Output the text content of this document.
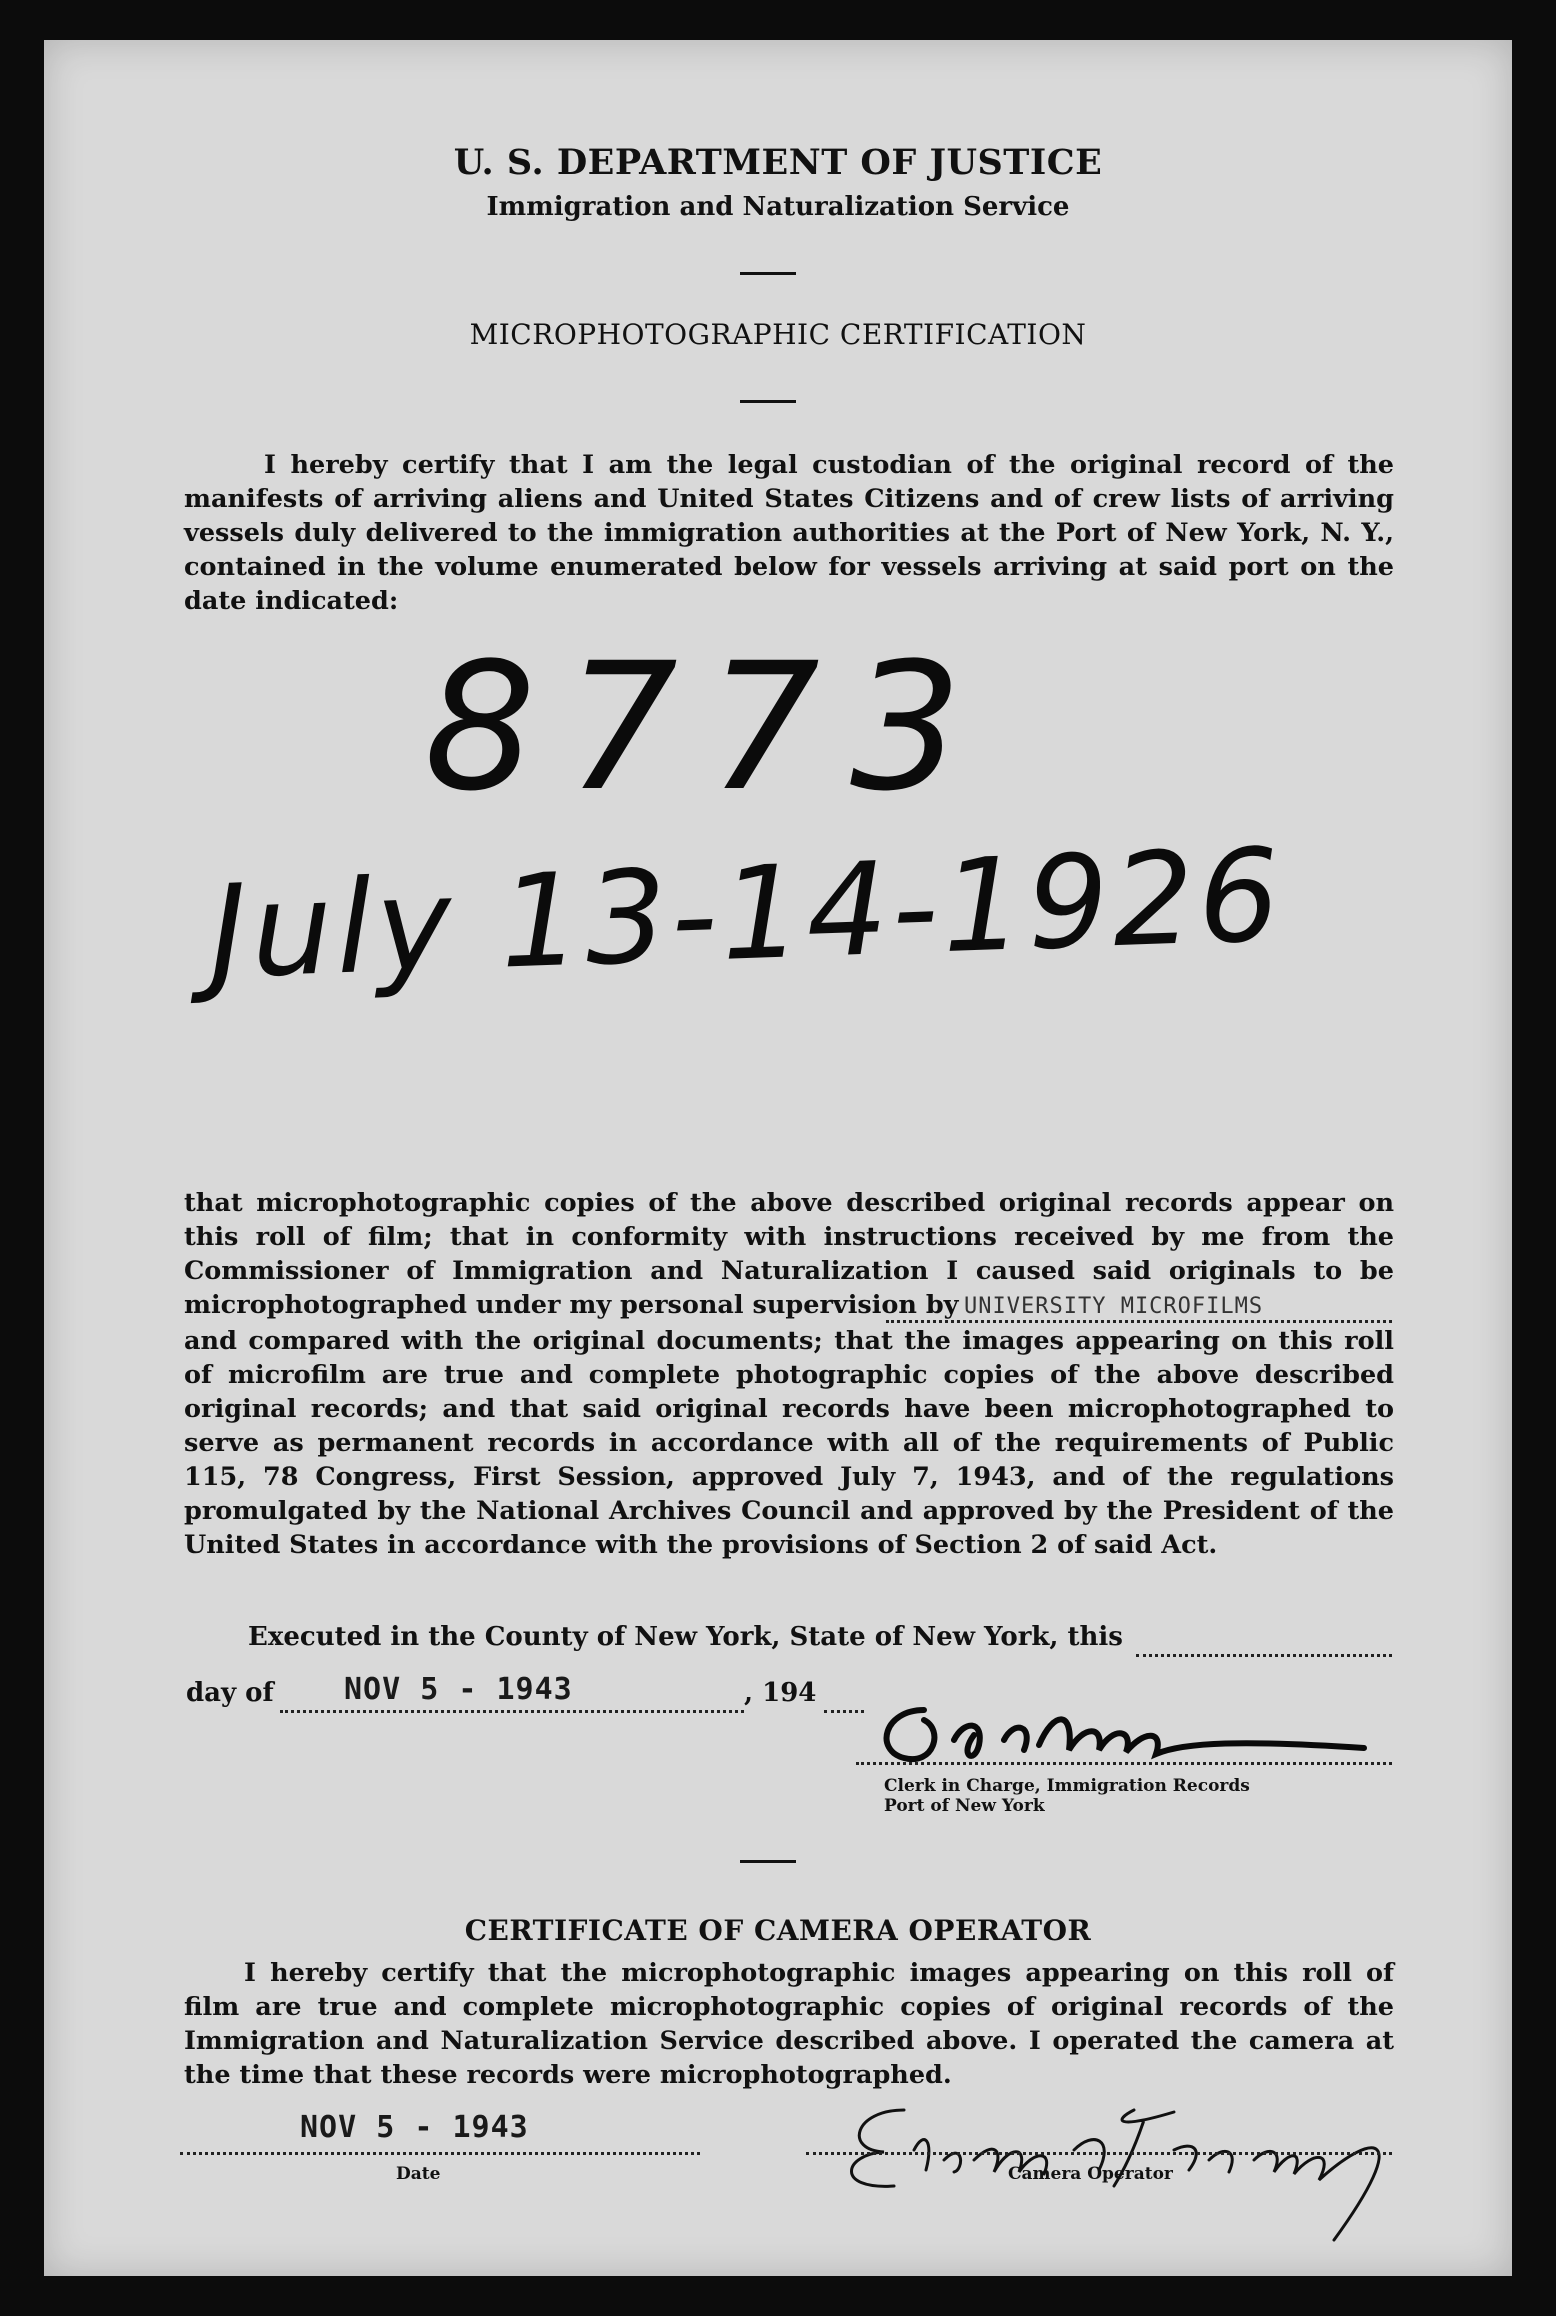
U. S. DEPARTMENT OF JUSTICE
Immigration and Naturalization Service
MICROPHOTOGRAPHIC CERTIFICATION
I hereby certify that I am the legal custodian of the original record of the manifests of arriving aliens and United States Citizens and of crew lists of arriving vessels duly delivered to the immigration authorities at the Port of New York, N. Y., contained in the volume enumerated below for vessels arriving at said port on the date indicated:
8773
July 13-14-1926
that microphotographic copies of the above described original records appear on this roll of film; that in conformity with instructions received by me from the Commissioner of Immigration and Naturalization I caused said originals to be microphotographed under my personal supervision by UNIVERSITY MICROFILMS
and compared with the original documents; that the images appearing on this roll of microfilm are true and complete photographic copies of the above described original records; and that said original records have been microphotographed to serve as permanent records in accordance with all of the requirements of Public 115, 78 Congress, First Session, approved July 7, 1943, and of the regulations promulgated by the National Archives Council and approved by the President of the United States in accordance with the provisions of Section 2 of said Act.
Executed in the County of New York, State of New York, this
day of NOV 5 - 1943	, 194
Clerk in Charge, Immigration Records
Port of New York
CERTIFICATE OF CAMERA OPERATOR
I hereby certify that the microphotographic images appearing on this roll of film are true and complete microphotographic copies of original records of the Immigration and Naturalization Service described above. I operated the camera at the time that these records were microphotographed.
NOV 5 - 1943
Date	Camera Operator
